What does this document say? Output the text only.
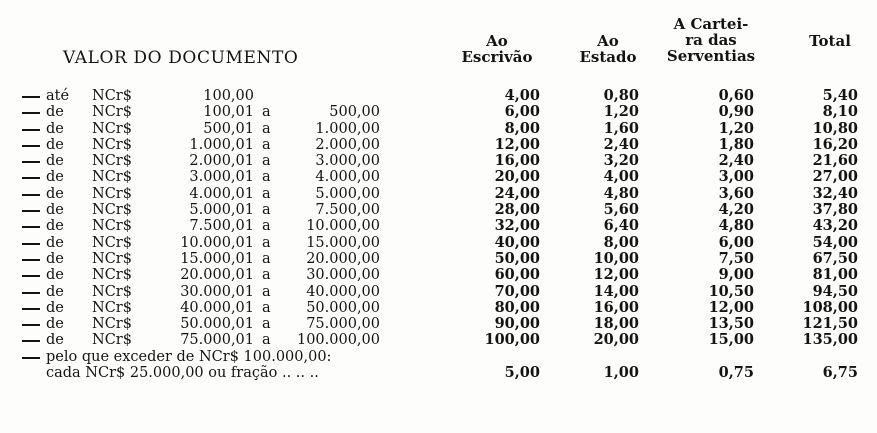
VALOR DO DOCUMENTO
Ao
Escrivão
Ao
Estado
A Cartei-
ra das
Serventias
Total
até NCr$	100,00	4,00	0,80	0,60	5,40
de NCr$	100,01 a	500,00	6,00	1,20	0,90	8,10
de NCr$	500,01 a	1.000,00	8,00	1,60	1,20	10,80
de NCr$	1.000,01 a	2.000,00	12,00	2,40	1,80	16,20
de NCr$	2.000,01 a	3.000,00	16,00	3,20	2,40	21,60
de NCr$	3.000,01 a	4.000,00	20,00	4,00	3,00	27,00
de NCr$	4.000,01 a	5.000,00	24,00	4,80	3,60	32,40
de NCr$	5.000,01 a	7.500,00	28,00	5,60	4,20	37,80
de NCr$	7.500,01 a	10.000,00	32,00	6,40	4,80	43,20
de NCr$	10.000,01 a	15.000,00	40,00	8,00	6,00	54,00
de NCr$	15.000,01 a	20.000,00	50,00	10,00	7,50	67,50
de NCr$	20.000,01 a	30.000,00	60,00	12,00	9,00	81,00
de NCr$	30.000,01 a	40.000,00	70,00	14,00	10,50	94,50
de NCr$	40.000,01 a	50.000,00	80,00	16,00	12,00	108,00
de NCr$	50.000,01 a	75.000,00	90,00	18,00	13,50	121,50
de NCr$	75.000,01 a	100.000,00	100,00	20,00	15,00	135,00
pelo que exceder de NCr$ 100.000,00:
cada NCr$ 25.000,00 ou fração .. .. ..	5,00	1,00	0,75	6,75
